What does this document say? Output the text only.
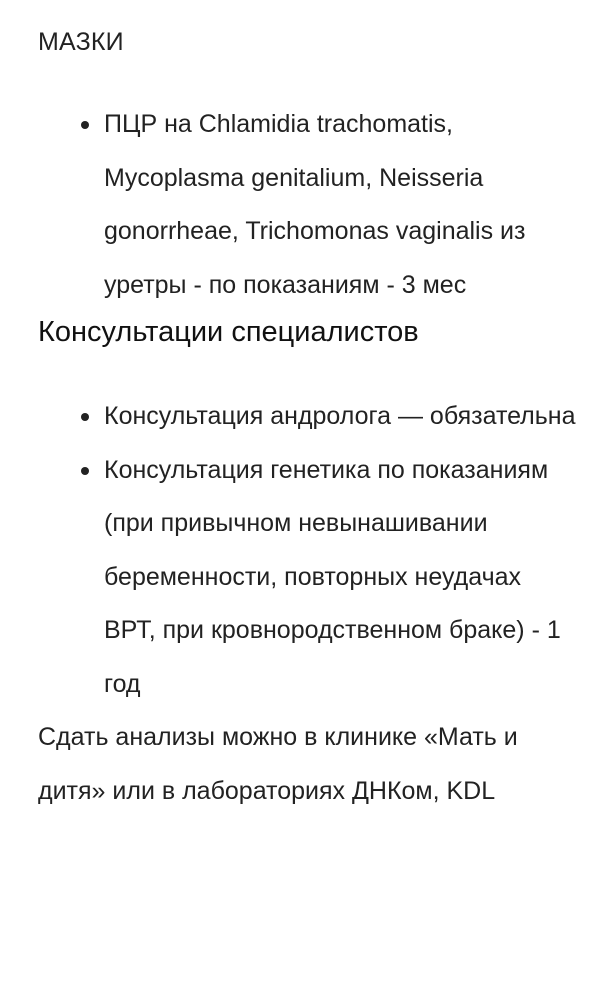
МАЗКИ
ПЦР на Chlamidia trachomatis, Mycoplasma genitalium, Neisseria gonorrheae, Trichomonas vaginalis из уретры - по показаниям - 3 мес
Консультации специалистов
Консультация андролога — обязательна
Консультация генетика по показаниям (при привычном невынашивании беременности, повторных неудачах ВРТ, при кровнородственном браке) - 1 год

Сдать анализы можно в клинике «Мать и дитя» или в лабораториях ДНКом, KDL
